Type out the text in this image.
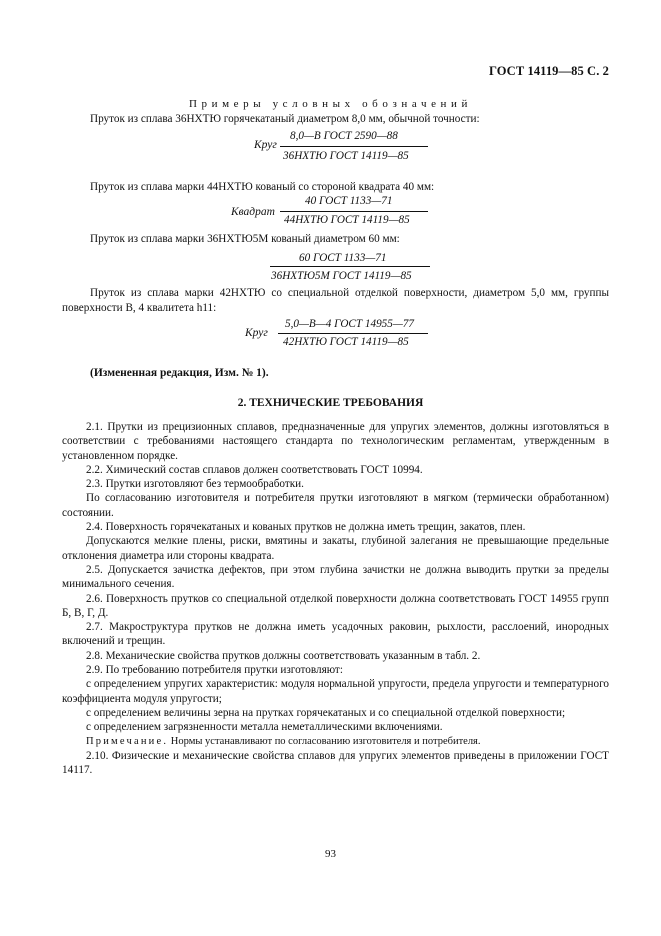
ГОСТ 14119—85 С. 2
Примеры условных обозначений
Пруток из сплава 36НХТЮ горячекатаный диаметром 8,0 мм, обычной точности:
Круг
8,0—В ГОСТ 2590—88
36НХТЮ ГОСТ 14119—85
Пруток из сплава марки 44НХТЮ кованый со стороной квадрата 40 мм:
Квадрат
40 ГОСТ 1133—71
44НХТЮ ГОСТ 14119—85
Пруток из сплава марки 36НХТЮ5М кованый диаметром 60 мм:
60 ГОСТ 1133—71
36НХТЮ5М ГОСТ 14119—85
Пруток из сплава марки 42НХТЮ со специальной отделкой поверхности, диаметром 5,0 мм, группы поверхности В, 4 квалитета h11:
Круг
5,0—В—4 ГОСТ 14955—77
42НХТЮ ГОСТ 14119—85
(Измененная редакция, Изм. № 1).
2. ТЕХНИЧЕСКИЕ ТРЕБОВАНИЯ

2.1. Прутки из прецизионных сплавов, предназначенные для упругих элементов, должны изготовляться в соответствии с требованиями настоящего стандарта по технологическим регламентам, утвержденным в установленном порядке.

2.2. Химический состав сплавов должен соответствовать ГОСТ 10994.

2.3. Прутки изготовляют без термообработки.

По согласованию изготовителя и потребителя прутки изготовляют в мягком (термически обработанном) состоянии.

2.4. Поверхность горячекатаных и кованых прутков не должна иметь трещин, закатов, плен.

Допускаются мелкие плены, риски, вмятины и закаты, глубиной залегания не превышающие предельные отклонения диаметра или стороны квадрата.

2.5. Допускается зачистка дефектов, при этом глубина зачистки не должна выводить прутки за пределы минимального сечения.

2.6. Поверхность прутков со специальной отделкой поверхности должна соответствовать ГОСТ 14955 групп Б, В, Г, Д.

2.7. Макроструктура прутков не должна иметь усадочных раковин, рыхлости, расслоений, инородных включений и трещин.

2.8. Механические свойства прутков должны соответствовать указанным в табл. 2.

2.9. По требованию потребителя прутки изготовляют:

с определением упругих характеристик: модуля нормальной упругости, предела упругости и температурного коэффициента модуля упругости;

с определением величины зерна на прутках горячекатаных и со специальной отделкой поверхности;

с определением загрязненности металла неметаллическими включениями.

Примечание. Нормы устанавливают по согласованию изготовителя и потребителя.

2.10. Физические и механические свойства сплавов для упругих элементов приведены в приложении ГОСТ 14117.

93
